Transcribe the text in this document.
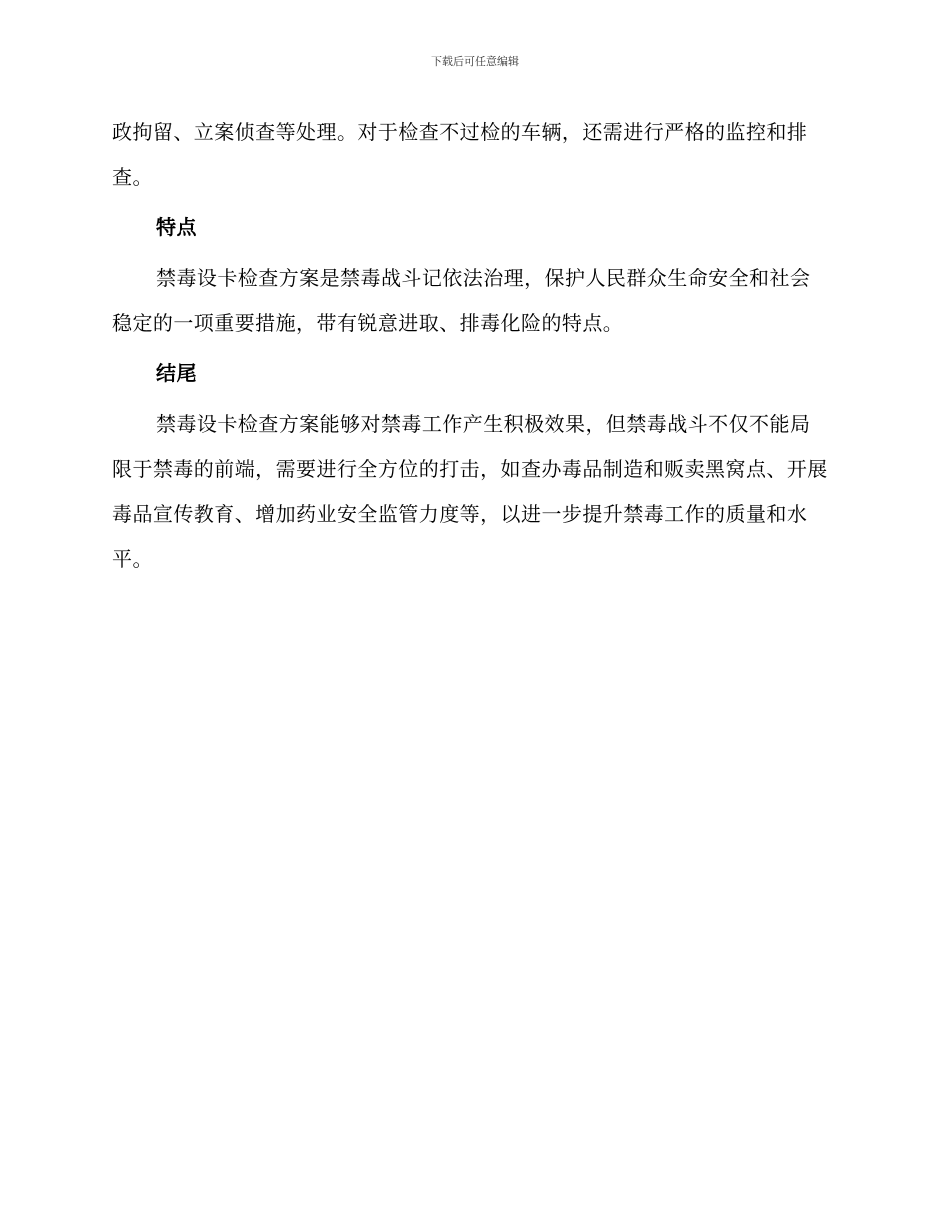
下载后可任意编辑

政拘留、立案侦查等处理。对于检查不过检的车辆，还需进行严格的监控和排查。

特点

禁毒设卡检查方案是禁毒战斗记依法治理，保护人民群众生命安全和社会稳定的一项重要措施，带有锐意进取、排毒化险的特点。

结尾

禁毒设卡检查方案能够对禁毒工作产生积极效果，但禁毒战斗不仅不能局限于禁毒的前端，需要进行全方位的打击，如查办毒品制造和贩卖黑窝点、开展毒品宣传教育、增加药业安全监管力度等，以进一步提升禁毒工作的质量和水平。
